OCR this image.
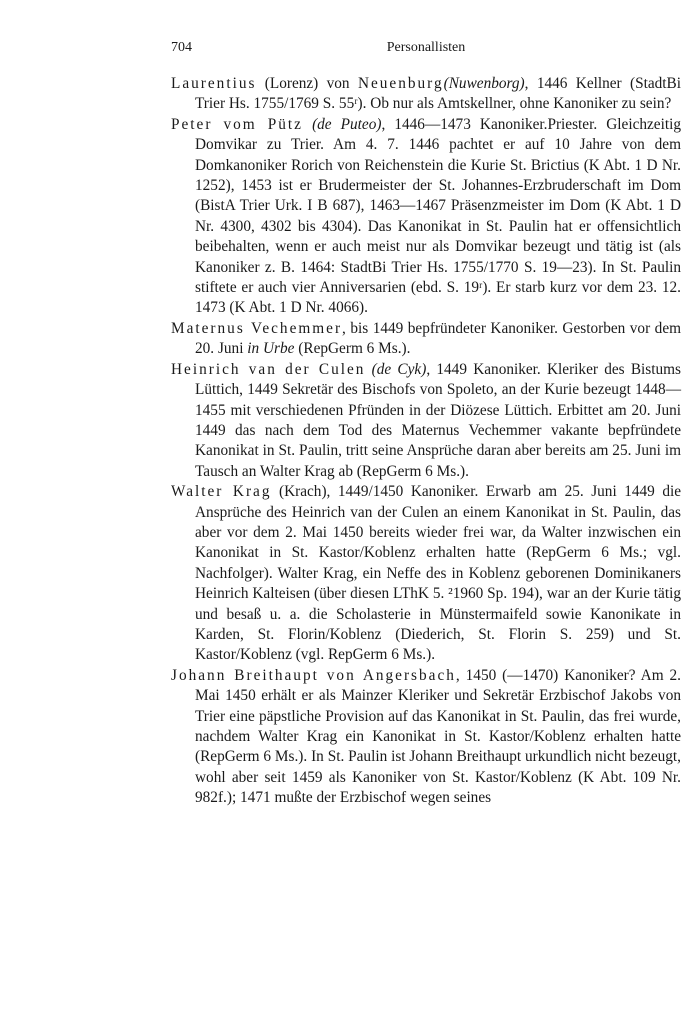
704	Personallisten

Laurentius (Lorenz) von Neuenburg(Nuwenborg), 1446 Kellner (StadtBi Trier Hs. 1755/1769 S. 55ʳ). Ob nur als Amtskellner, ohne Kanoniker zu sein?

Peter vom Pütz (de Puteo), 1446—1473 Kanoniker.Priester. Gleichzeitig Domvikar zu Trier. Am 4. 7. 1446 pachtet er auf 10 Jahre von dem Domkanoniker Rorich von Reichenstein die Kurie St. Brictius (K Abt. 1 D Nr. 1252), 1453 ist er Brudermeister der St. Johannes-Erzbruderschaft im Dom (BistA Trier Urk. I B 687), 1463—1467 Präsenzmeister im Dom (K Abt. 1 D Nr. 4300, 4302 bis 4304). Das Kanonikat in St. Paulin hat er offensichtlich beibehalten, wenn er auch meist nur als Domvikar bezeugt und tätig ist (als Kanoniker z. B. 1464: StadtBi Trier Hs. 1755/1770 S. 19—23). In St. Paulin stiftete er auch vier Anniversarien (ebd. S. 19ʳ). Er starb kurz vor dem 23. 12. 1473 (K Abt. 1 D Nr. 4066).

Maternus Vechemmer, bis 1449 bepfründeter Kanoniker. Gestorben vor dem 20. Juni in Urbe (RepGerm 6 Ms.).

Heinrich van der Culen (de Cyk), 1449 Kanoniker. Kleriker des Bistums Lüttich, 1449 Sekretär des Bischofs von Spoleto, an der Kurie bezeugt 1448—1455 mit verschiedenen Pfründen in der Diözese Lüttich. Erbittet am 20. Juni 1449 das nach dem Tod des Maternus Vechemmer vakante bepfründete Kanonikat in St. Paulin, tritt seine Ansprüche daran aber bereits am 25. Juni im Tausch an Walter Krag ab (RepGerm 6 Ms.).

Walter Krag (Krach), 1449/1450 Kanoniker. Erwarb am 25. Juni 1449 die Ansprüche des Heinrich van der Culen an einem Kanonikat in St. Paulin, das aber vor dem 2. Mai 1450 bereits wieder frei war, da Walter inzwischen ein Kanonikat in St. Kastor/Koblenz erhalten hatte (RepGerm 6 Ms.; vgl. Nachfolger). Walter Krag, ein Neffe des in Koblenz geborenen Dominikaners Heinrich Kalteisen (über diesen LThK 5. ²1960 Sp. 194), war an der Kurie tätig und besaß u. a. die Scholasterie in Münstermaifeld sowie Kanonikate in Karden, St. Florin/Koblenz (Diederich, St. Florin S. 259) und St. Kastor/Koblenz (vgl. RepGerm 6 Ms.).

Johann Breithaupt von Angersbach, 1450 (—1470) Kanoniker? Am 2. Mai 1450 erhält er als Mainzer Kleriker und Sekretär Erzbischof Jakobs von Trier eine päpstliche Provision auf das Kanonikat in St. Paulin, das frei wurde, nachdem Walter Krag ein Kanonikat in St. Kastor/Koblenz erhalten hatte (RepGerm 6 Ms.). In St. Paulin ist Johann Breithaupt urkundlich nicht bezeugt, wohl aber seit 1459 als Kanoniker von St. Kastor/Koblenz (K Abt. 109 Nr. 982f.); 1471 mußte der Erzbischof wegen seines
